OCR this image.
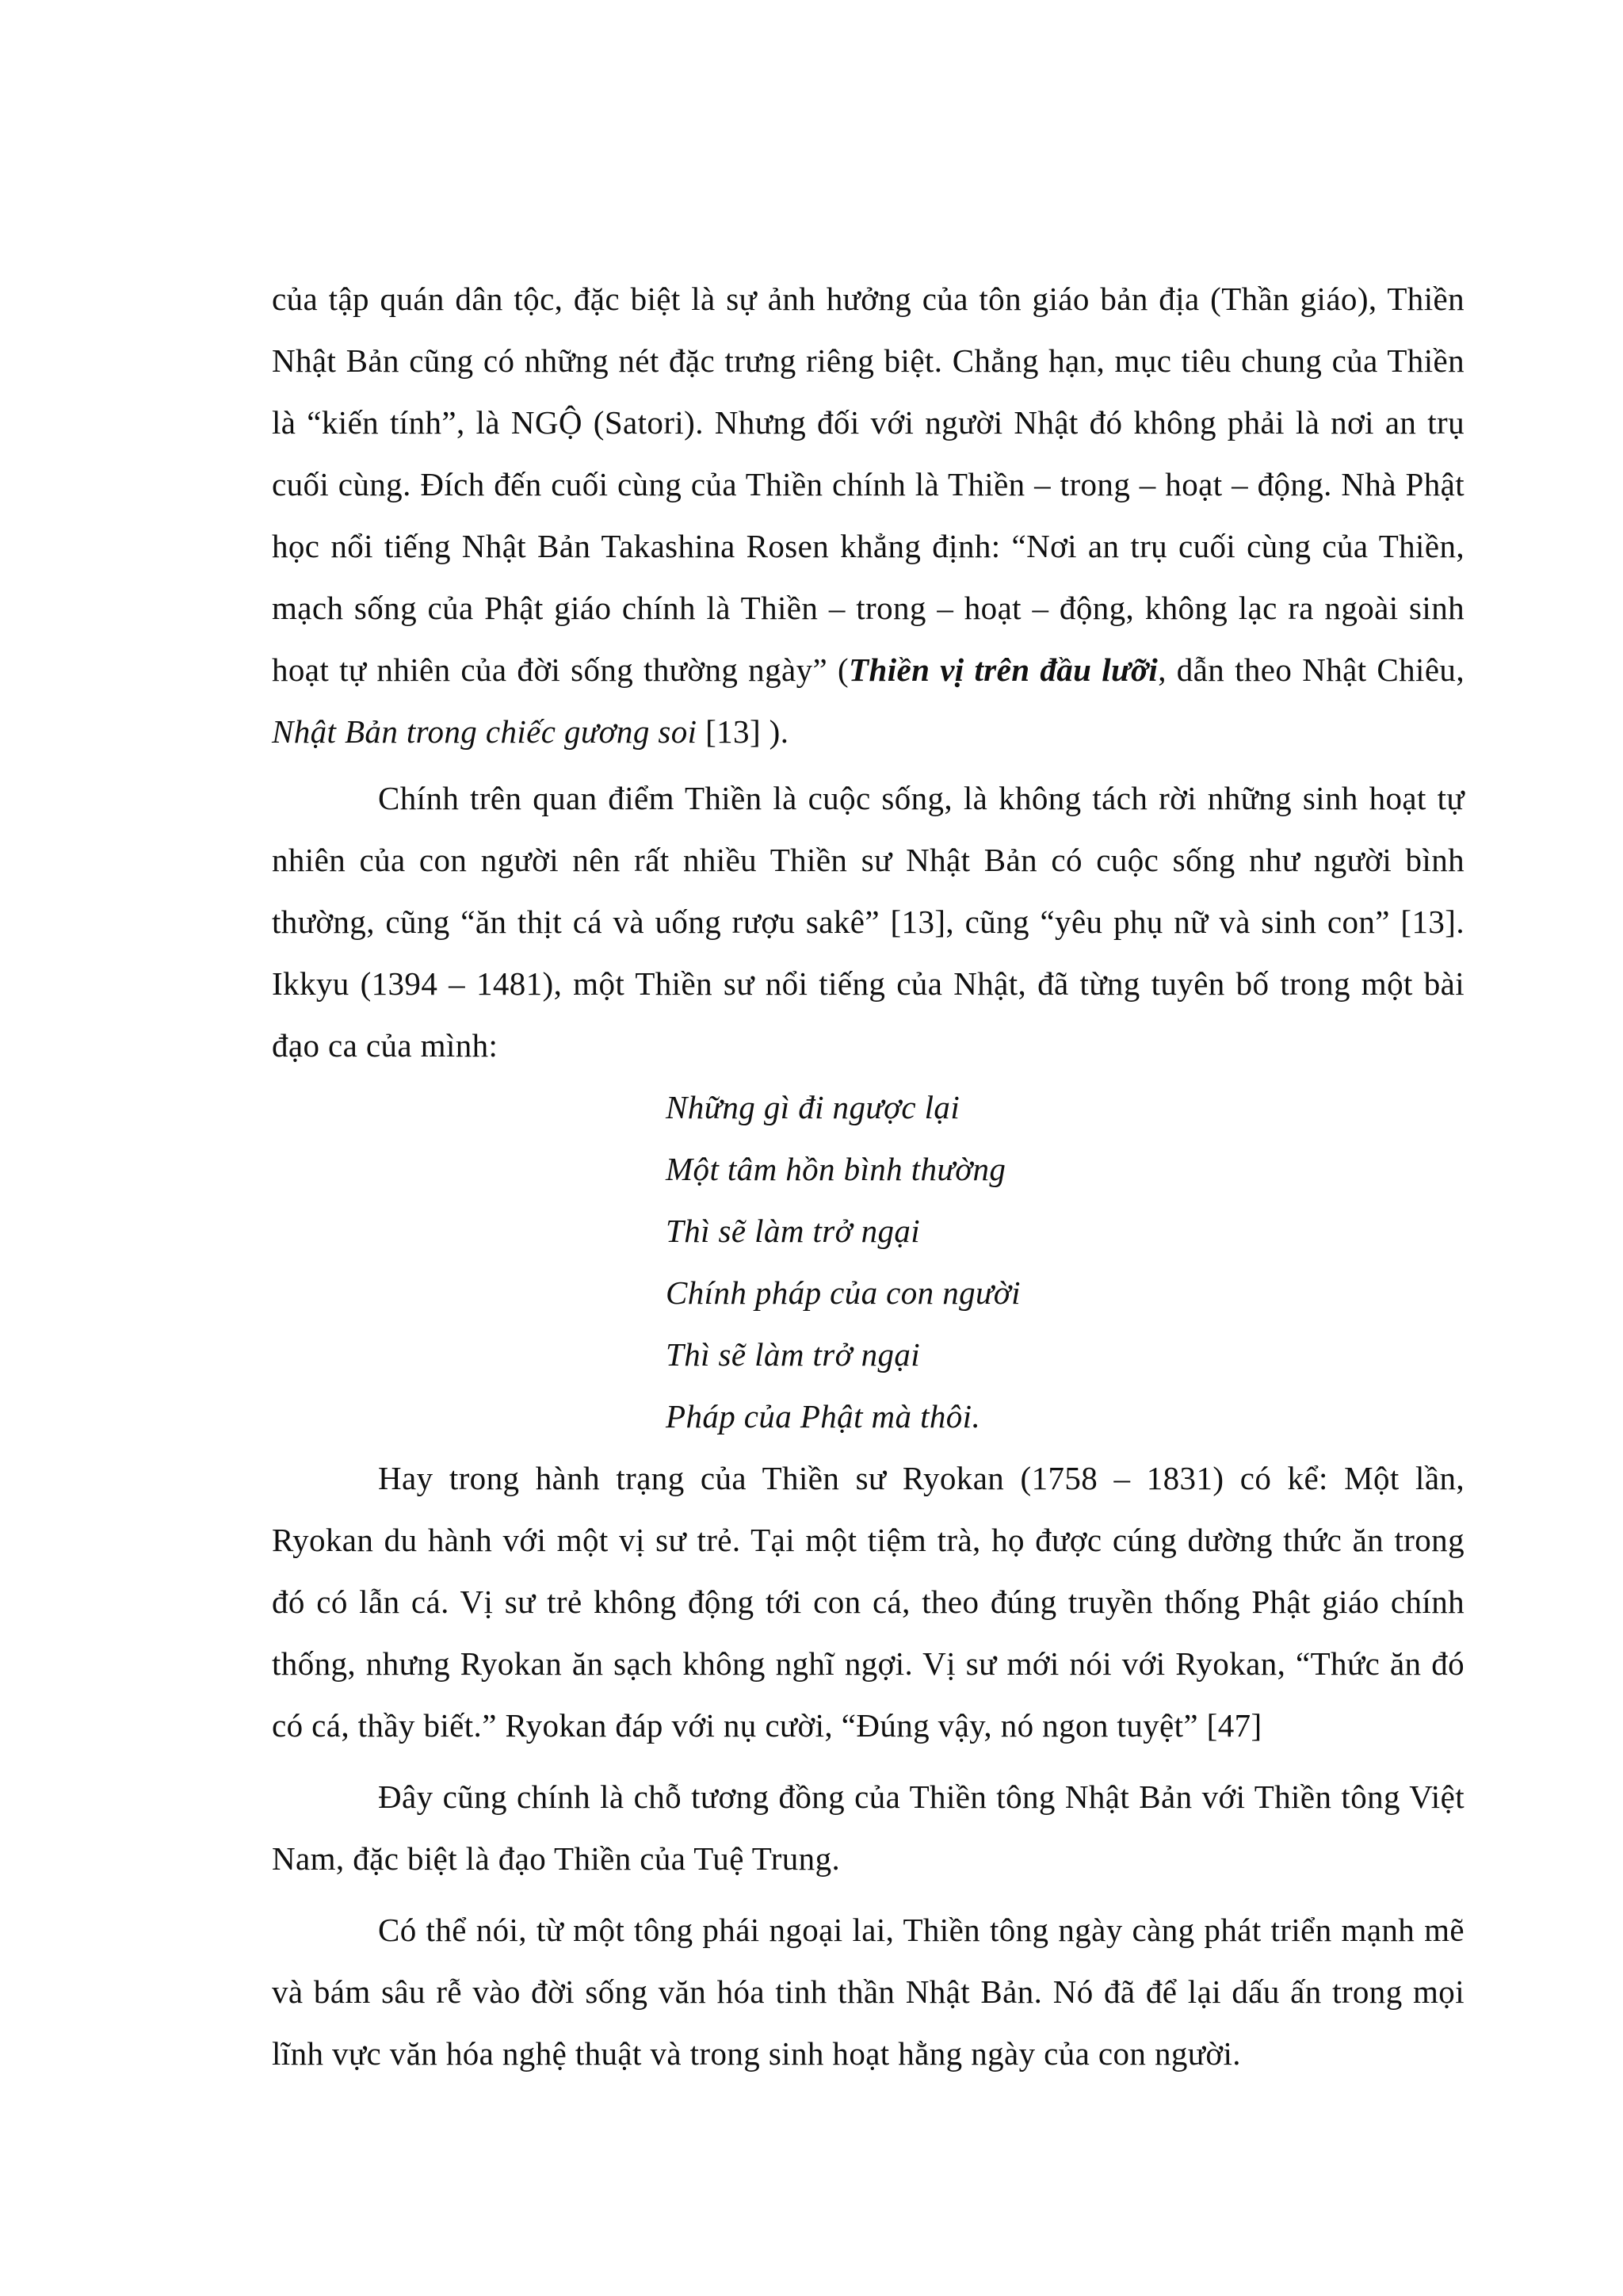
của tập quán dân tộc, đặc biệt là sự ảnh hưởng của tôn giáo bản địa (Thần giáo), Thiền Nhật Bản cũng có những nét đặc trưng riêng biệt. Chẳng hạn, mục tiêu chung của Thiền là “kiến tính”, là NGỘ (Satori). Nhưng đối với người Nhật đó không phải là nơi an trụ cuối cùng. Đích đến cuối cùng của Thiền chính là Thiền – trong – hoạt – động. Nhà Phật học nổi tiếng Nhật Bản Takashina Rosen khẳng định: “Nơi an trụ cuối cùng của Thiền, mạch sống của Phật giáo chính là Thiền – trong – hoạt – động, không lạc ra ngoài sinh hoạt tự nhiên của đời sống thường ngày” (Thiền vị trên đầu lưỡi, dẫn theo Nhật Chiêu, Nhật Bản trong chiếc gương soi [13] ).

Chính trên quan điểm Thiền là cuộc sống, là không tách rời những sinh hoạt tự nhiên của con người nên rất nhiều Thiền sư Nhật Bản có cuộc sống như người bình thường, cũng “ăn thịt cá và uống rượu sakê” [13], cũng “yêu phụ nữ và sinh con” [13]. Ikkyu (1394 – 1481), một Thiền sư nổi tiếng của Nhật, đã từng tuyên bố trong một bài đạo ca của mình:

Những gì đi ngược lại
Một tâm hồn bình thường
Thì sẽ làm trở ngại
Chính pháp của con người
Thì sẽ làm trở ngại
Pháp của Phật mà thôi.

Hay trong hành trạng của Thiền sư Ryokan (1758 – 1831) có kể: Một lần, Ryokan du hành với một vị sư trẻ. Tại một tiệm trà, họ được cúng dường thức ăn trong đó có lẫn cá. Vị sư trẻ không động tới con cá, theo đúng truyền thống Phật giáo chính thống, nhưng Ryokan ăn sạch không nghĩ ngợi. Vị sư mới nói với Ryokan, “Thức ăn đó có cá, thầy biết.” Ryokan đáp với nụ cười, “Đúng vậy, nó ngon tuyệt” [47]

Đây cũng chính là chỗ tương đồng của Thiền tông Nhật Bản với Thiền tông Việt Nam, đặc biệt là đạo Thiền của Tuệ Trung.

Có thể nói, từ một tông phái ngoại lai, Thiền tông ngày càng phát triển mạnh mẽ và bám sâu rễ vào đời sống văn hóa tinh thần Nhật Bản. Nó đã để lại dấu ấn trong mọi lĩnh vực văn hóa nghệ thuật và trong sinh hoạt hằng ngày của con người.
